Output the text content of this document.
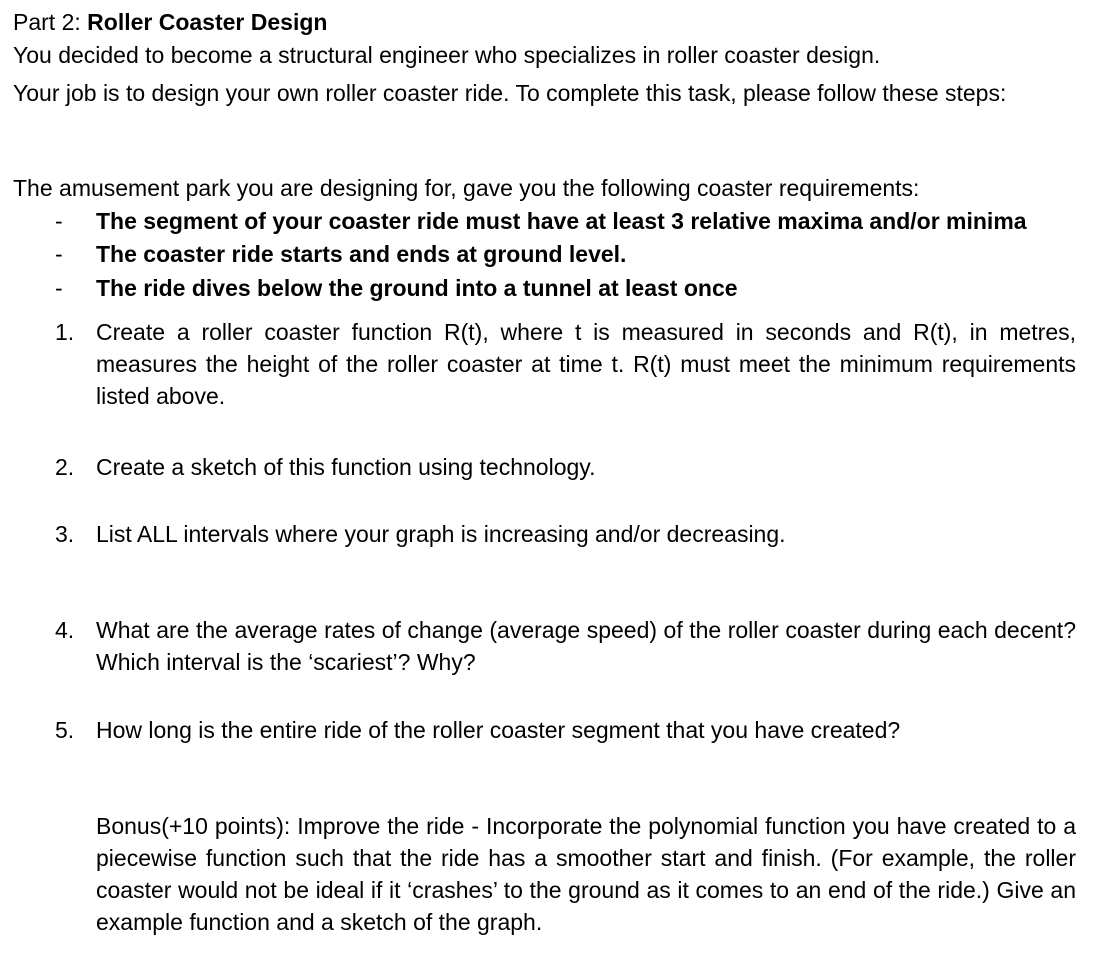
Part 2: Roller Coaster Design
You decided to become a structural engineer who specializes in roller coaster design.
Your job is to design your own roller coaster ride. To complete this task, please follow these steps:
The amusement park you are designing for, gave you the following coaster requirements:
- The segment of your coaster ride must have at least 3 relative maxima and/or minima
- The coaster ride starts and ends at ground level.
- The ride dives below the ground into a tunnel at least once
1. Create a roller coaster function R(t), where t is measured in seconds and R(t), in metres, measures the height of the roller coaster at time t. R(t) must meet the minimum requirements listed above.
2. Create a sketch of this function using technology.
3. List ALL intervals where your graph is increasing and/or decreasing.
4. What are the average rates of change (average speed) of the roller coaster during each decent? Which interval is the ‘scariest’? Why?
5. How long is the entire ride of the roller coaster segment that you have created?
Bonus(+10 points): Improve the ride - Incorporate the polynomial function you have created to a piecewise function such that the ride has a smoother start and finish. (For example, the roller coaster would not be ideal if it ‘crashes’ to the ground as it comes to an end of the ride.) Give an example function and a sketch of the graph.
